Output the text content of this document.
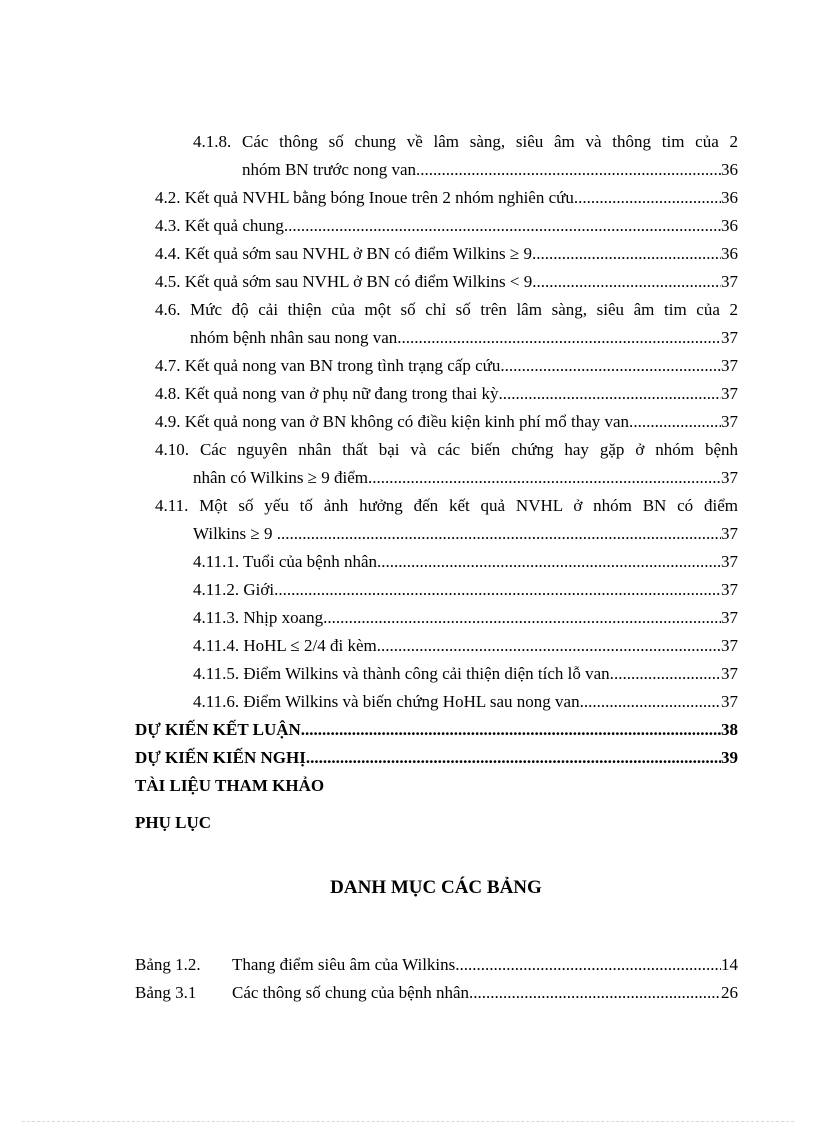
4.1.8. Các thông số chung về lâm sàng, siêu âm và thông tim của 2
nhóm BN trước nong van .....	36
4.2. Kết quả NVHL bằng bóng Inoue trên 2 nhóm nghiên cứu. .....	36
4.3. Kết quả chung. .....	36
4.4. Kết quả sớm sau NVHL ở BN có điểm Wilkins ≥ 9. .....	36
4.5. Kết quả sớm sau NVHL ở BN có điểm Wilkins < 9. .....	37
4.6. Mức độ cải thiện của một số chỉ số trên lâm sàng, siêu âm tim của 2
nhóm bệnh nhân sau nong van. .....	37
4.7. Kết quả nong van BN trong tình trạng cấp cứu. .....	37
4.8. Kết quả nong van ở phụ nữ đang trong thai kỳ. .....	37
4.9. Kết quả nong van ở BN không có điều kiện kinh phí mổ thay van. .....	37
4.10. Các nguyên nhân thất bại và các biến chứng hay gặp ở nhóm bệnh
nhân có Wilkins ≥ 9 điểm. .....	37
4.11. Một số yếu tố ảnh hưởng đến kết quả NVHL ở nhóm BN có điểm
Wilkins ≥ 9 . .....	37
4.11.1. Tuổi của bệnh nhân .....	37
4.11.2. Giới. .....	37
4.11.3. Nhịp xoang .....	37
4.11.4. HoHL ≤ 2/4 đi kèm. .....	37
4.11.5. Điểm Wilkins và thành công cải thiện diện tích lỗ van. .....	37
4.11.6. Điểm Wilkins và biến chứng HoHL sau nong van. .....	37
DỰ KIẾN KẾT LUẬN .....	38
DỰ KIẾN KIẾN NGHỊ .....	39
TÀI LIỆU THAM KHẢO
PHỤ LỤC
DANH MỤC CÁC BẢNG
Bảng 1.2.	Thang điểm siêu âm của Wilkins. .....	14
Bảng 3.1	Các thông số chung của bệnh nhân. .....	26
